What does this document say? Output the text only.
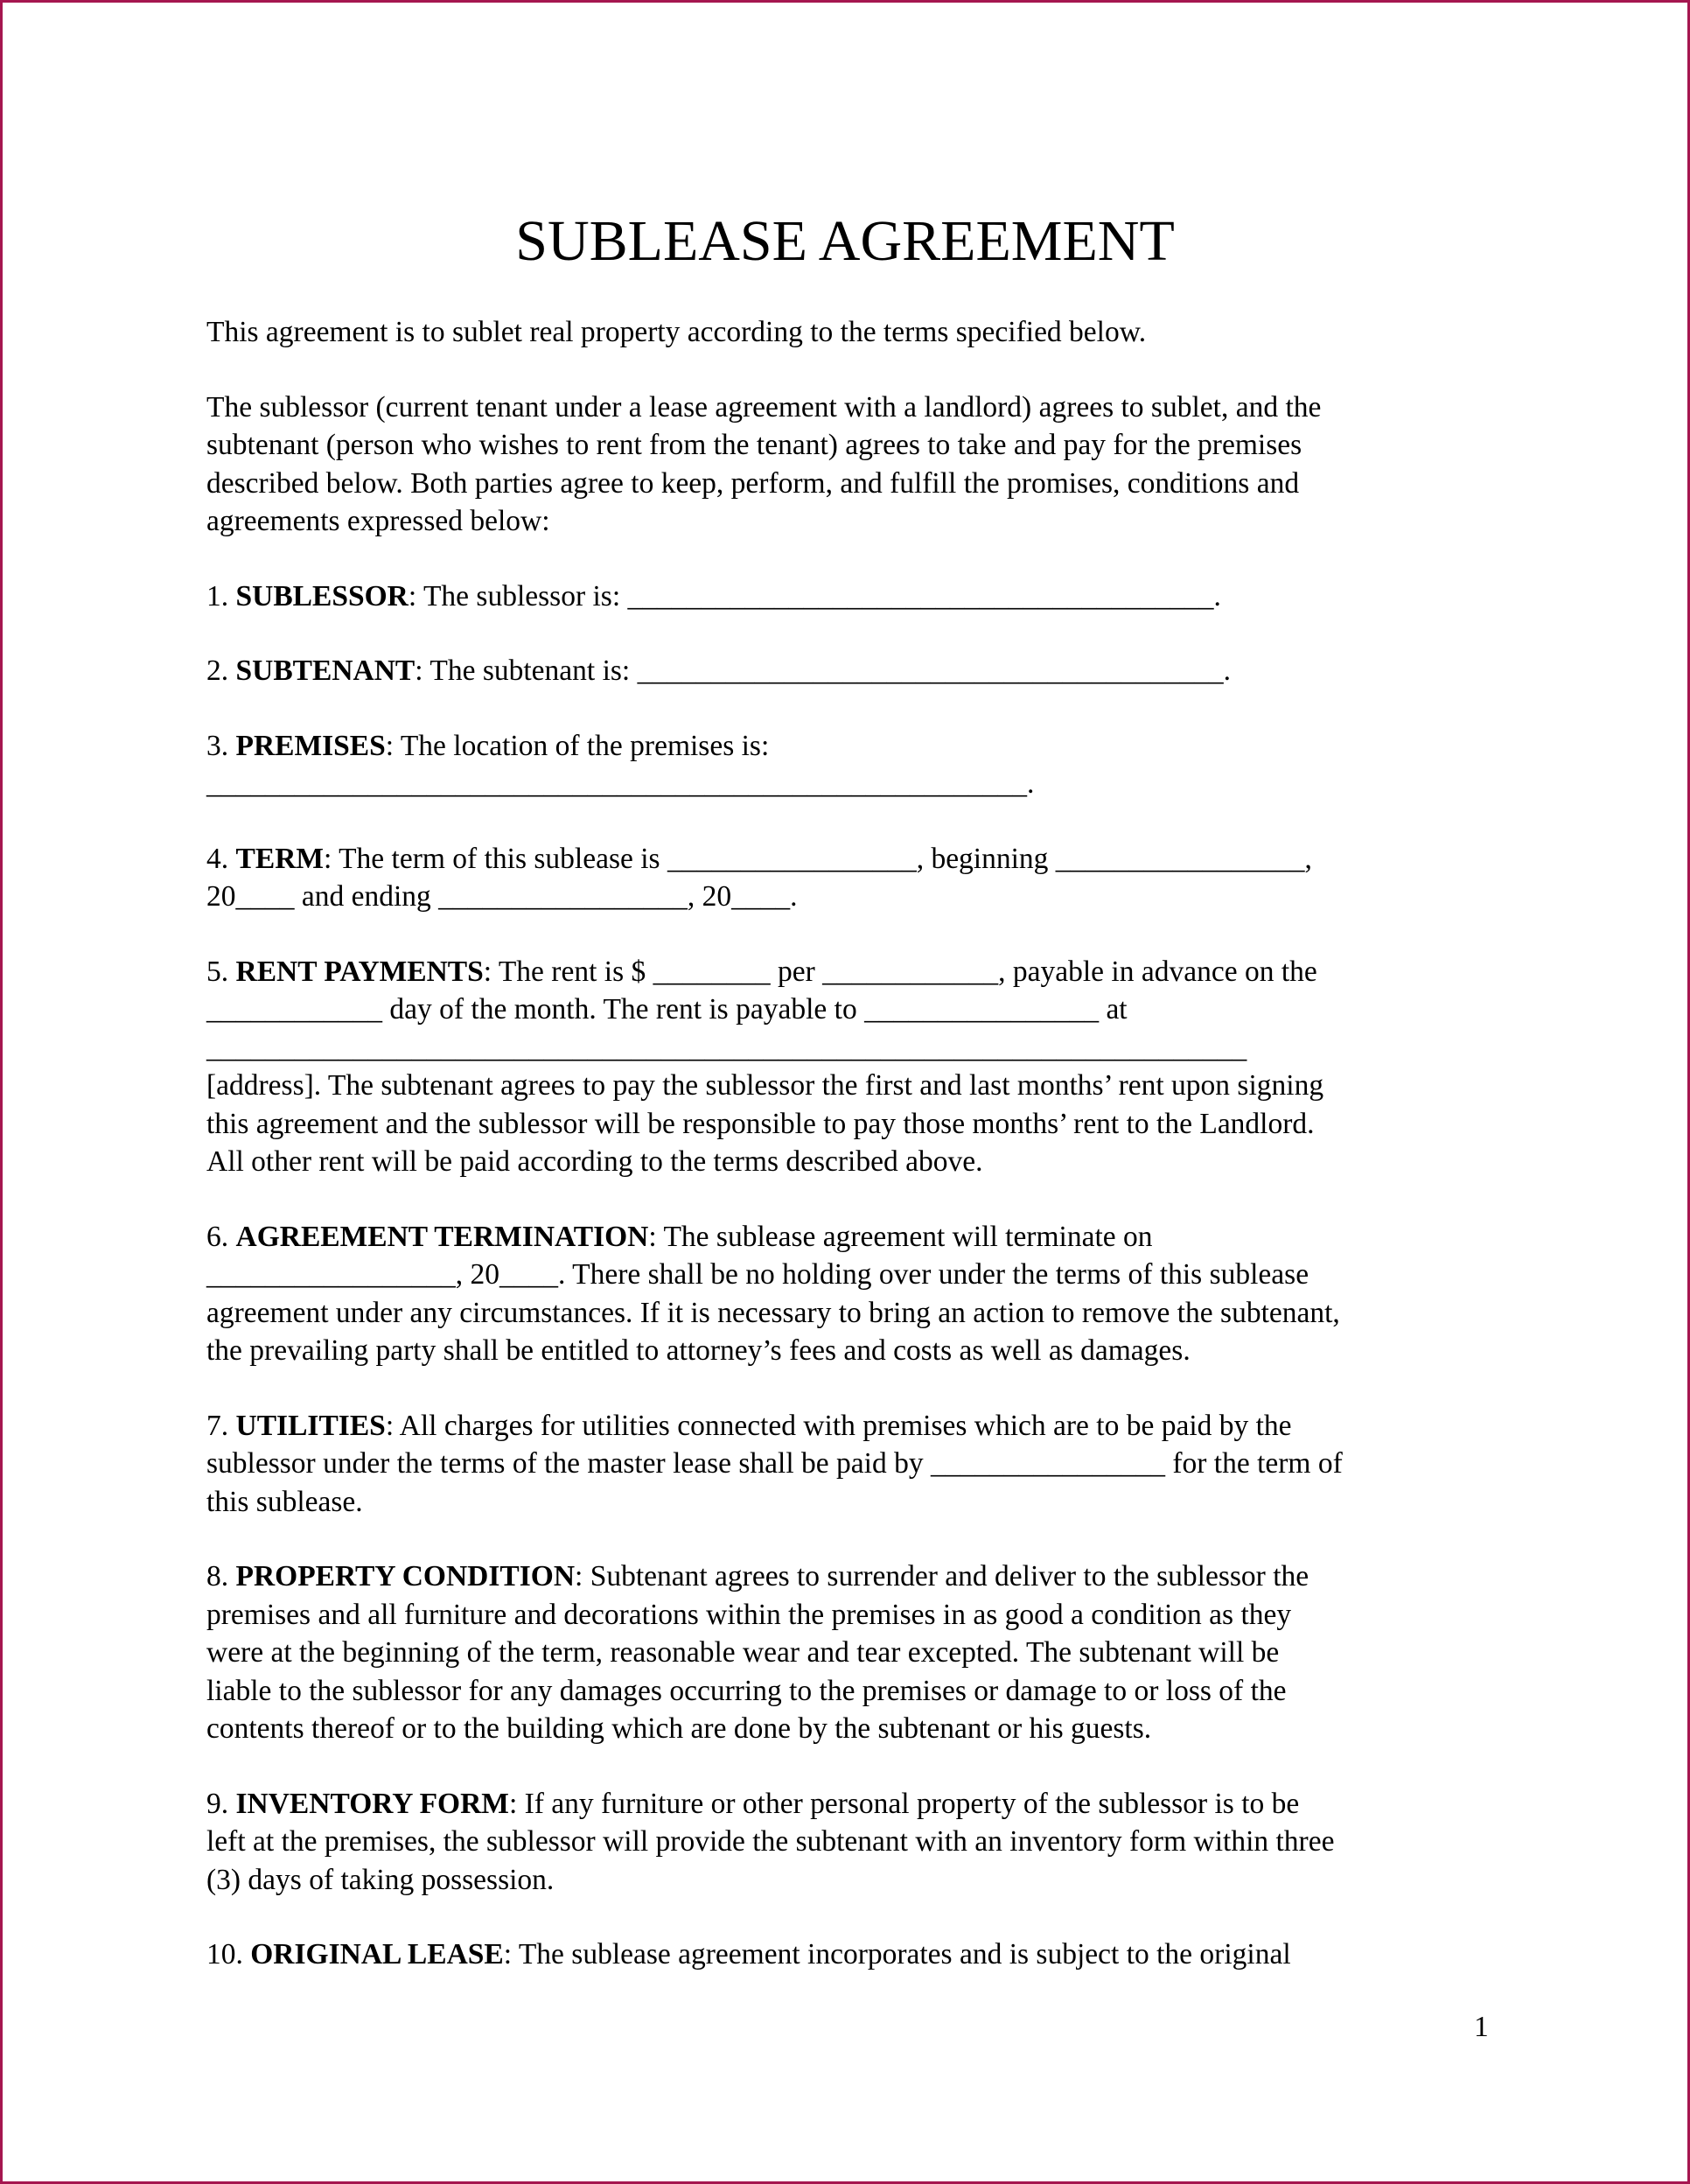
SUBLEASE AGREEMENT

This agreement is to sublet real property according to the terms specified below.

The sublessor (current tenant under a lease agreement with a landlord) agrees to sublet, and the

subtenant (person who wishes to rent from the tenant) agrees to take and pay for the premises

described below. Both parties agree to keep, perform, and fulfill the promises, conditions and

agreements expressed below:

1. SUBLESSOR: The sublessor is: ________________________________________.

2. SUBTENANT: The subtenant is: ________________________________________.

3. PREMISES: The location of the premises is:

________________________________________________________.

4. TERM: The term of this sublease is _________________, beginning _________________,

20____ and ending _________________, 20____.

5. RENT PAYMENTS: The rent is $ ________ per ____________, payable in advance on the

____________ day of the month. The rent is payable to ________________ at

_______________________________________________________________________

[address]. The subtenant agrees to pay the sublessor the first and last months’ rent upon signing

this agreement and the sublessor will be responsible to pay those months’ rent to the Landlord.

All other rent will be paid according to the terms described above.

6. AGREEMENT TERMINATION: The sublease agreement will terminate on

_________________, 20____. There shall be no holding over under the terms of this sublease

agreement under any circumstances. If it is necessary to bring an action to remove the subtenant,

the prevailing party shall be entitled to attorney’s fees and costs as well as damages.

7. UTILITIES: All charges for utilities connected with premises which are to be paid by the

sublessor under the terms of the master lease shall be paid by ________________ for the term of

this sublease.

8. PROPERTY CONDITION: Subtenant agrees to surrender and deliver to the sublessor the

premises and all furniture and decorations within the premises in as good a condition as they

were at the beginning of the term, reasonable wear and tear excepted. The subtenant will be

liable to the sublessor for any damages occurring to the premises or damage to or loss of the

contents thereof or to the building which are done by the subtenant or his guests.

9. INVENTORY FORM: If any furniture or other personal property of the sublessor is to be

left at the premises, the sublessor will provide the subtenant with an inventory form within three

(3) days of taking possession.

10. ORIGINAL LEASE: The sublease agreement incorporates and is subject to the original

1
